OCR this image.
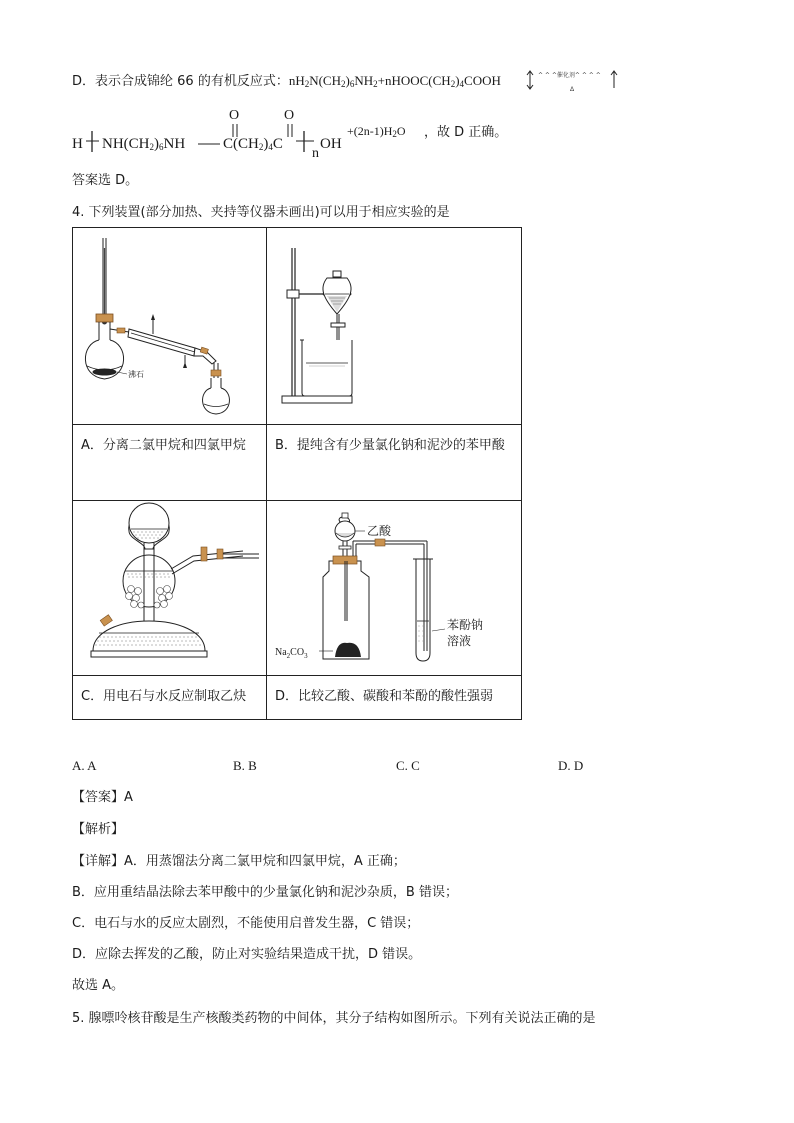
D．表示合成锦纶 66 的有机反应式：$nH_2N(CH_2)_6NH_2+nHOOC(CH_2)_4COOH$	^ ^ ^催化剂^ ^ ^ ^
Δ
H $NH(CH_2)_6NH$
O
$C(CH_2)_4C$
O
n
OH
$+(2n-1)H_2O$ ，故 D 正确。
答案选 D。
4. 下列装置(部分加热、夹持等仪器未画出)可以用于相应实验的是
沸石

A．分离二氯甲烷和四氯甲烷	B．提纯含有少量氯化钠和泥沙的苯甲酸

乙酸
$Na_2CO_3$
苯酚钠
溶液

C．用电石与水反应制取乙炔	D．比较乙酸、碳酸和苯酚的酸性强弱
A. A	B. B	C. C	D. D
【答案】A
【解析】
【详解】A．用蒸馏法分离二氯甲烷和四氯甲烷，A 正确；
B．应用重结晶法除去苯甲酸中的少量氯化钠和泥沙杂质，B 错误；
C．电石与水的反应太剧烈，不能使用启普发生器，C 错误；
D．应除去挥发的乙酸，防止对实验结果造成干扰，D 错误。
故选 A。
5. 腺嘌呤核苷酸是生产核酸类药物的中间体，其分子结构如图所示。下列有关说法正确的是
